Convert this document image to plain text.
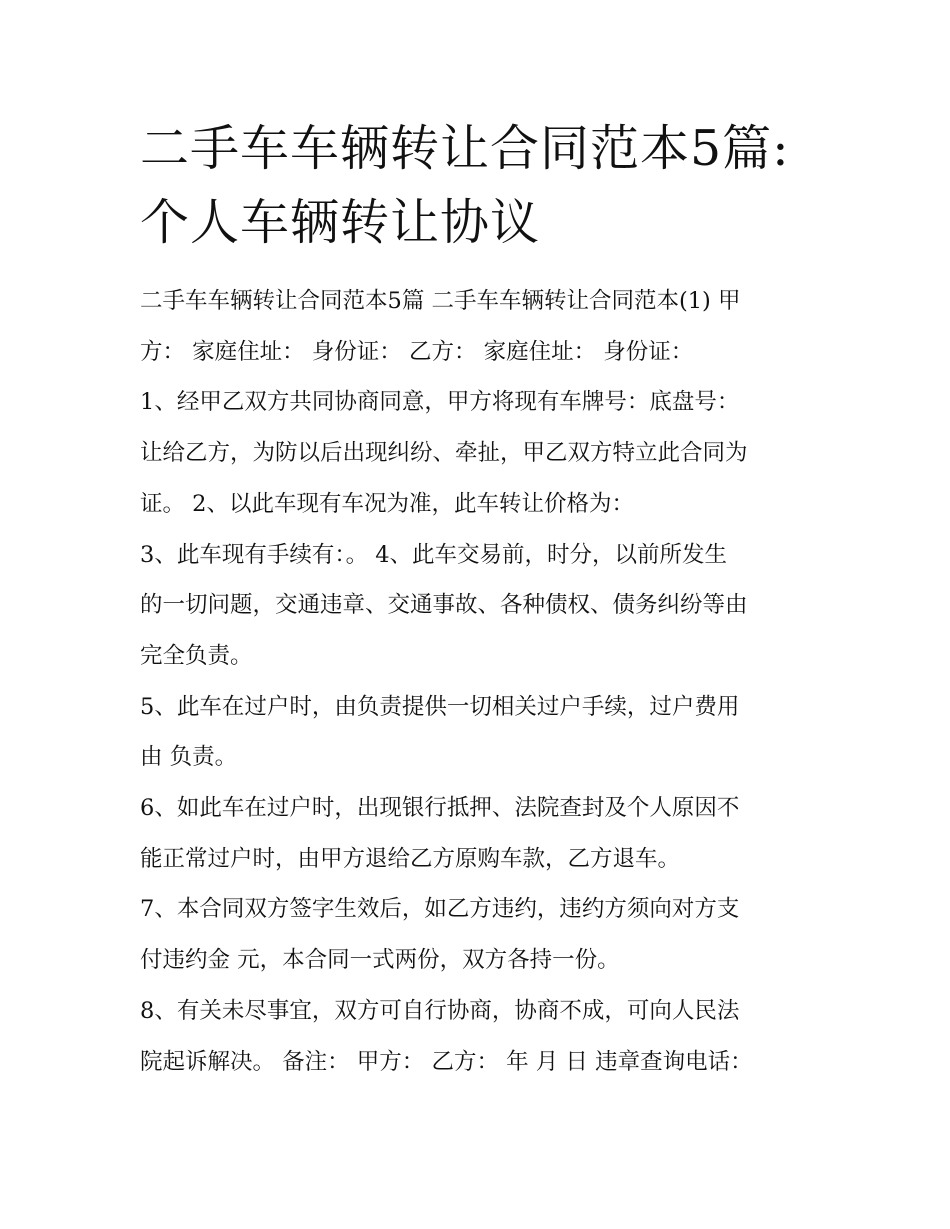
二手车车辆转让合同范本5篇:
个人车辆转让协议

二手车车辆转让合同范本5篇 二手车车辆转让合同范本(1) 甲
方： 家庭住址： 身份证： 乙方： 家庭住址： 身份证：

1、经甲乙双方共同协商同意，甲方将现有车牌号：底盘号：
让给乙方，为防以后出现纠纷、牵扯，甲乙双方特立此合同为
证。 2、以此车现有车况为准，此车转让价格为：

3、此车现有手续有：。 4、此车交易前，时分，以前所发生
的一切问题，交通违章、交通事故、各种债权、债务纠纷等由
完全负责。

5、此车在过户时，由负责提供一切相关过户手续，过户费用
由 负责。

6、如此车在过户时，出现银行抵押、法院查封及个人原因不
能正常过户时，由甲方退给乙方原购车款，乙方退车。

7、本合同双方签字生效后，如乙方违约，违约方须向对方支
付违约金 元，本合同一式两份，双方各持一份。

8、有关未尽事宜，双方可自行协商，协商不成，可向人民法
院起诉解决。 备注： 甲方： 乙方： 年 月 日 违章查询电话：
